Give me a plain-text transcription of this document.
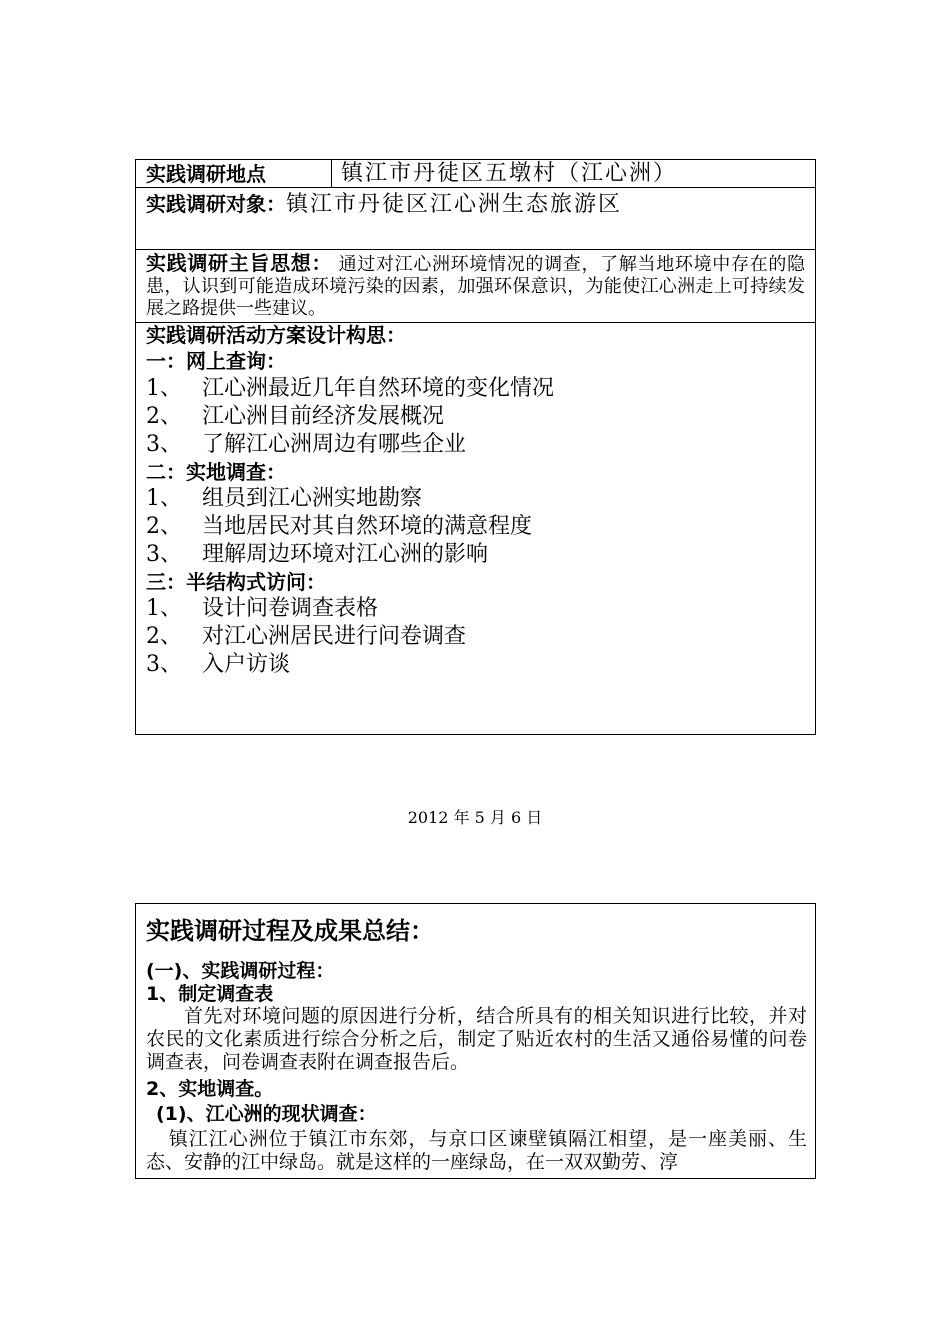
实践调研地点	镇江市丹徒区五墩村（江心洲）
实践调研对象：镇江市丹徒区江心洲生态旅游区
实践调研主旨思想： 通过对江心洲环境情况的调查，了解当地环境中存在的隐患，认识到可能造成环境污染的因素，加强环保意识，为能使江心洲走上可持续发展之路提供一些建议。
实践调研活动方案设计构思：
一：网上查询：
1、 江心洲最近几年自然环境的变化情况
2、 江心洲目前经济发展概况
3、 了解江心洲周边有哪些企业
二：实地调查：
1、 组员到江心洲实地勘察
2、 当地居民对其自然环境的满意程度
3、 理解周边环境对江心洲的影响
三：半结构式访问：
1、 设计问卷调查表格
2、 对江心洲居民进行问卷调查
3、 入户访谈
2012 年 5 月 6 日
实践调研过程及成果总结：
(一)、实践调研过程：
1、制定调查表
首先对环境问题的原因进行分析，结合所具有的相关知识进行比较，并对农民的文化素质进行综合分析之后，制定了贴近农村的生活又通俗易懂的问卷调查表，问卷调查表附在调查报告后。
2、实地调查。
(1)、江心洲的现状调查：
镇江江心洲位于镇江市东郊，与京口区谏壁镇隔江相望，是一座美丽、生态、安静的江中绿岛。就是这样的一座绿岛，在一双双勤劳、淳
